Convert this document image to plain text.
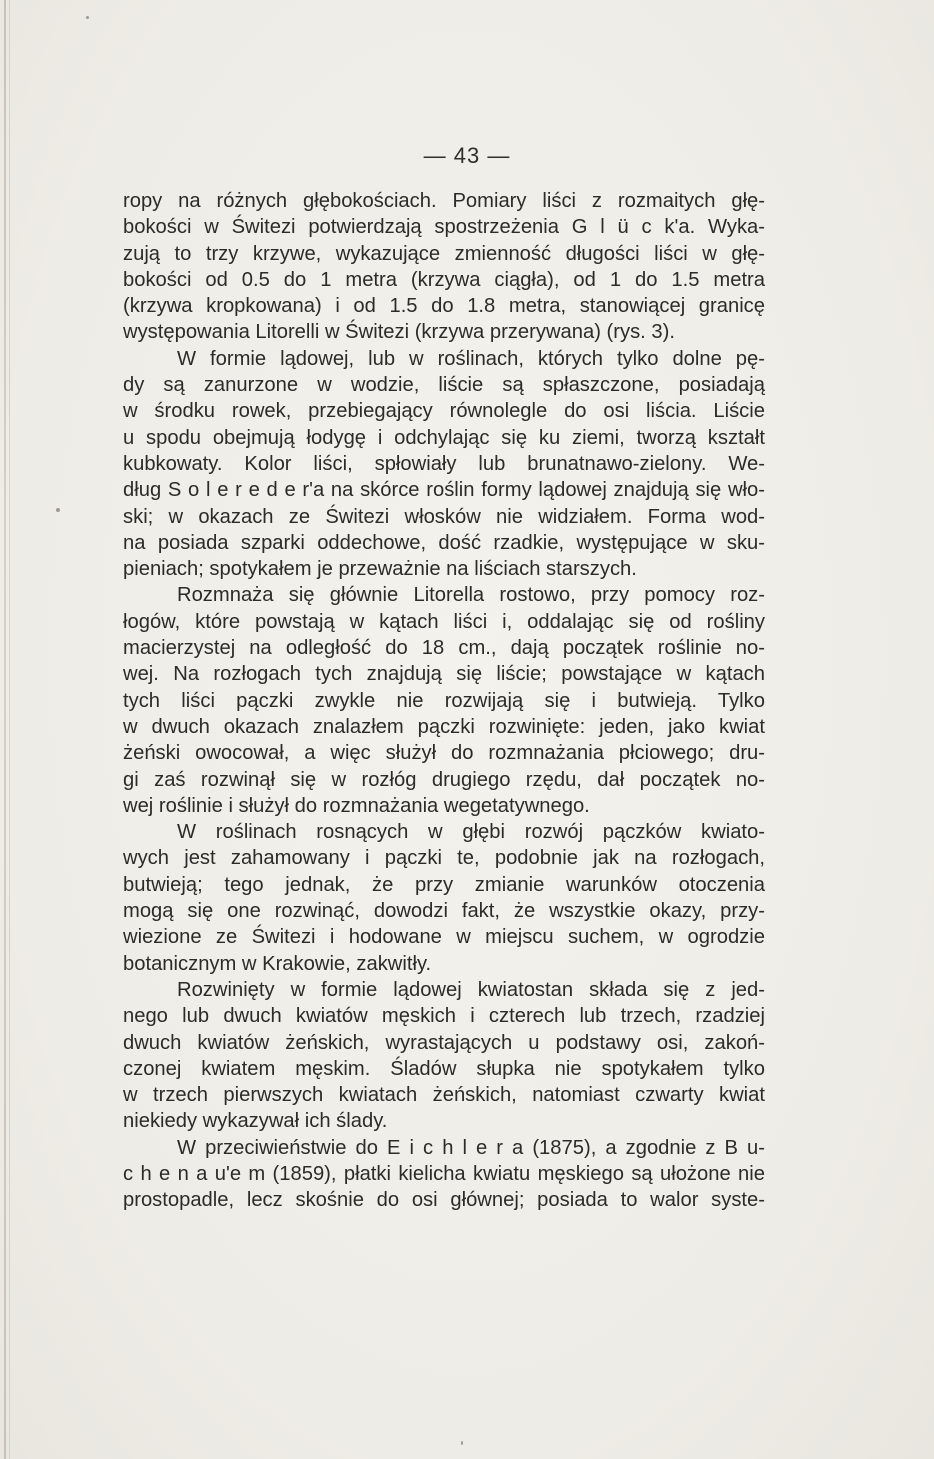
— 43 —
ropy na różnych głębokościach. Pomiary liści z rozmaitych głę-
bokości w Świtezi potwierdzają spostrzeżenia G l ü c k'a. Wyka-
zują to trzy krzywe, wykazujące zmienność długości liści w głę-
bokości od 0.5 do 1 metra (krzywa ciągła), od 1 do 1.5 metra
(krzywa kropkowana) i od 1.5 do 1.8 metra, stanowiącej granicę
występowania Litorelli w Świtezi (krzywa przerywana) (rys. 3).
W formie lądowej, lub w roślinach, których tylko dolne pę-
dy są zanurzone w wodzie, liście są spłaszczone, posiadają
w środku rowek, przebiegający równolegle do osi liścia. Liście
u spodu obejmują łodygę i odchylając się ku ziemi, tworzą kształt
kubkowaty. Kolor liści, spłowiały lub brunatnawo-zielony. We-
dług S o l e r e d e r'a na skórce roślin formy lądowej znajdują się wło-
ski; w okazach ze Świtezi włosków nie widziałem. Forma wod-
na posiada szparki oddechowe, dość rzadkie, występujące w sku-
pieniach; spotykałem je przeważnie na liściach starszych.
Rozmnaża się głównie Litorella rostowo, przy pomocy roz-
łogów, które powstają w kątach liści i, oddalając się od rośliny
macierzystej na odległość do 18 cm., dają początek roślinie no-
wej. Na rozłogach tych znajdują się liście; powstające w kątach
tych liści pączki zwykle nie rozwijają się i butwieją. Tylko
w dwuch okazach znalazłem pączki rozwinięte: jeden, jako kwiat
żeński owocował, a więc służył do rozmnażania płciowego; dru-
gi zaś rozwinął się w rozłóg drugiego rzędu, dał początek no-
wej roślinie i służył do rozmnażania wegetatywnego.
W roślinach rosnących w głębi rozwój pączków kwiato-
wych jest zahamowany i pączki te, podobnie jak na rozłogach,
butwieją; tego jednak, że przy zmianie warunków otoczenia
mogą się one rozwinąć, dowodzi fakt, że wszystkie okazy, przy-
wiezione ze Świtezi i hodowane w miejscu suchem, w ogrodzie
botanicznym w Krakowie, zakwitły.
Rozwinięty w formie lądowej kwiatostan składa się z jed-
nego lub dwuch kwiatów męskich i czterech lub trzech, rzadziej
dwuch kwiatów żeńskich, wyrastających u podstawy osi, zakoń-
czonej kwiatem męskim. Śladów słupka nie spotykałem tylko
w trzech pierwszych kwiatach żeńskich, natomiast czwarty kwiat
niekiedy wykazywał ich ślady.
W przeciwieństwie do E i c h l e r a (1875), a zgodnie z B u-
c h e n a u'e m (1859), płatki kielicha kwiatu męskiego są ułożone nie
prostopadle, lecz skośnie do osi głównej; posiada to walor syste-
